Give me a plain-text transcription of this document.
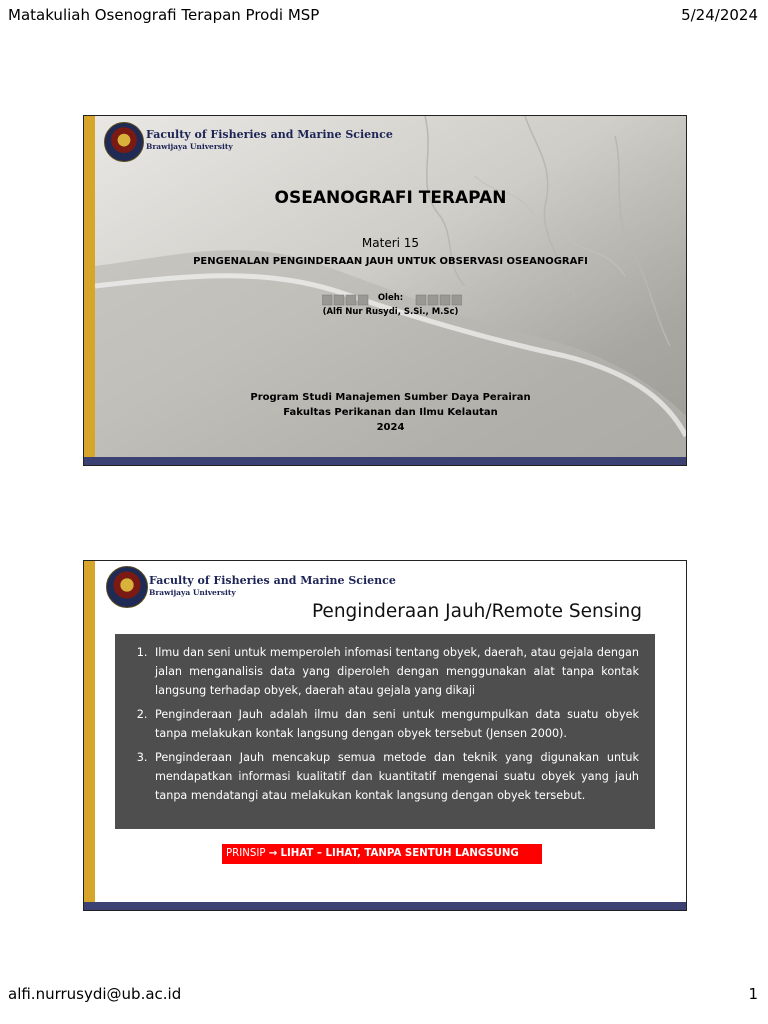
Matakuliah Osenografi Terapan Prodi MSP	5/24/2024
Faculty of Fisheries and Marine Science
Brawijaya University
OSEANOGRAFI TERAPAN
Materi 15
PENGENALAN PENGINDERAAN JAUH UNTUK OBSERVASI OSEANOGRAFI
Oleh:
(Alfi Nur Rusydi, S.Si., M.Sc)
Program Studi Manajemen Sumber Daya Perairan
Fakultas Perikanan dan Ilmu Kelautan
2024
Faculty of Fisheries and Marine Science
Brawijaya University
Penginderaan Jauh/Remote Sensing
1. Ilmu dan seni untuk memperoleh infomasi tentang obyek, daerah, atau gejala dengan jalan menganalisis data yang diperoleh dengan menggunakan alat tanpa kontak langsung terhadap obyek, daerah atau gejala yang dikaji
2. Penginderaan Jauh adalah ilmu dan seni untuk mengumpulkan data suatu obyek tanpa melakukan kontak langsung dengan obyek tersebut (Jensen 2000).
3. Penginderaan Jauh mencakup semua metode dan teknik yang digunakan untuk mendapatkan informasi kualitatif dan kuantitatif mengenai suatu obyek yang jauh tanpa mendatangi atau melakukan kontak langsung dengan obyek tersebut.
PRINSIP → LIHAT – LIHAT, TANPA SENTUH LANGSUNG
alfi.nurrusydi@ub.ac.id	1
